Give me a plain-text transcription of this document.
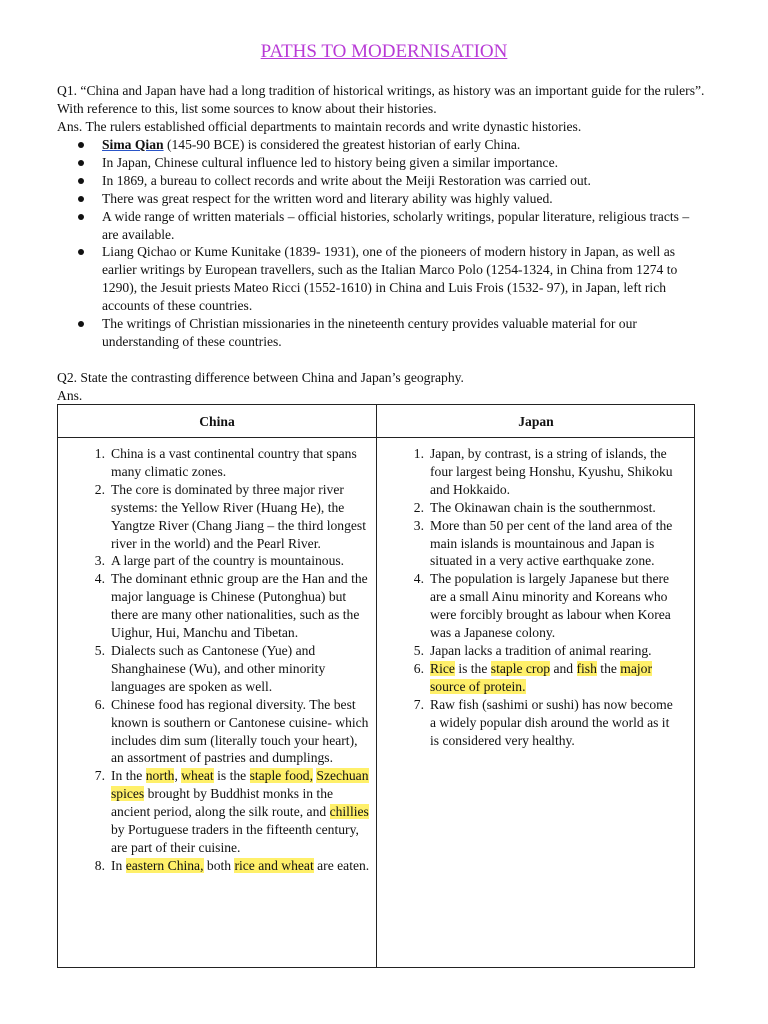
PATHS TO MODERNISATION
Q1. “China and Japan have had a long tradition of historical writings, as history was an important guide for the rulers”. With reference to this, list some sources to know about their histories.
Ans. The rulers established official departments to maintain records and write dynastic histories.
Sima Qian (145-90 BCE) is considered the greatest historian of early China.
In Japan, Chinese cultural influence led to history being given a similar importance.
In 1869, a bureau to collect records and write about the Meiji Restoration was carried out.
There was great respect for the written word and literary ability was highly valued.
A wide range of written materials – official histories, scholarly writings, popular literature, religious tracts – are available.
Liang Qichao or Kume Kunitake (1839- 1931), one of the pioneers of modern history in Japan, as well as earlier writings by European travellers, such as the Italian Marco Polo (1254-1324, in China from 1274 to 1290), the Jesuit priests Mateo Ricci (1552-1610) in China and Luis Frois (1532- 97), in Japan, left rich accounts of these countries.
The writings of Christian missionaries in the nineteenth century provides valuable material for our understanding of these countries.
Q2. State the contrasting difference between China and Japan’s geography.
Ans.
China	Japan
1. China is a vast continental country that spans many climatic zones.
2. The core is dominated by three major river systems: the Yellow River (Huang He), the Yangtze River (Chang Jiang – the third longest river in the world) and the Pearl River.
3. A large part of the country is mountainous.
4. The dominant ethnic group are the Han and the major language is Chinese (Putonghua) but there are many other nationalities, such as the Uighur, Hui, Manchu and Tibetan.
5. Dialects such as Cantonese (Yue) and Shanghainese (Wu), and other minority languages are spoken as well.
6. Chinese food has regional diversity. The best known is southern or Cantonese cuisine- which includes dim sum (literally touch your heart), an assortment of pastries and dumplings.
7. In the north, wheat is the staple food, Szechuan spices brought by Buddhist monks in the ancient period, along the silk route, and chillies by Portuguese traders in the fifteenth century, are part of their cuisine.
8. In eastern China, both rice and wheat are eaten.
1. Japan, by contrast, is a string of islands, the four largest being Honshu, Kyushu, Shikoku and Hokkaido.
2. The Okinawan chain is the southernmost.
3. More than 50 per cent of the land area of the main islands is mountainous and Japan is situated in a very active earthquake zone.
4. The population is largely Japanese but there are a small Ainu minority and Koreans who were forcibly brought as labour when Korea was a Japanese colony.
5. Japan lacks a tradition of animal rearing.
6. Rice is the staple crop and fish the major source of protein.
7. Raw fish (sashimi or sushi) has now become a widely popular dish around the world as it is considered very healthy.
